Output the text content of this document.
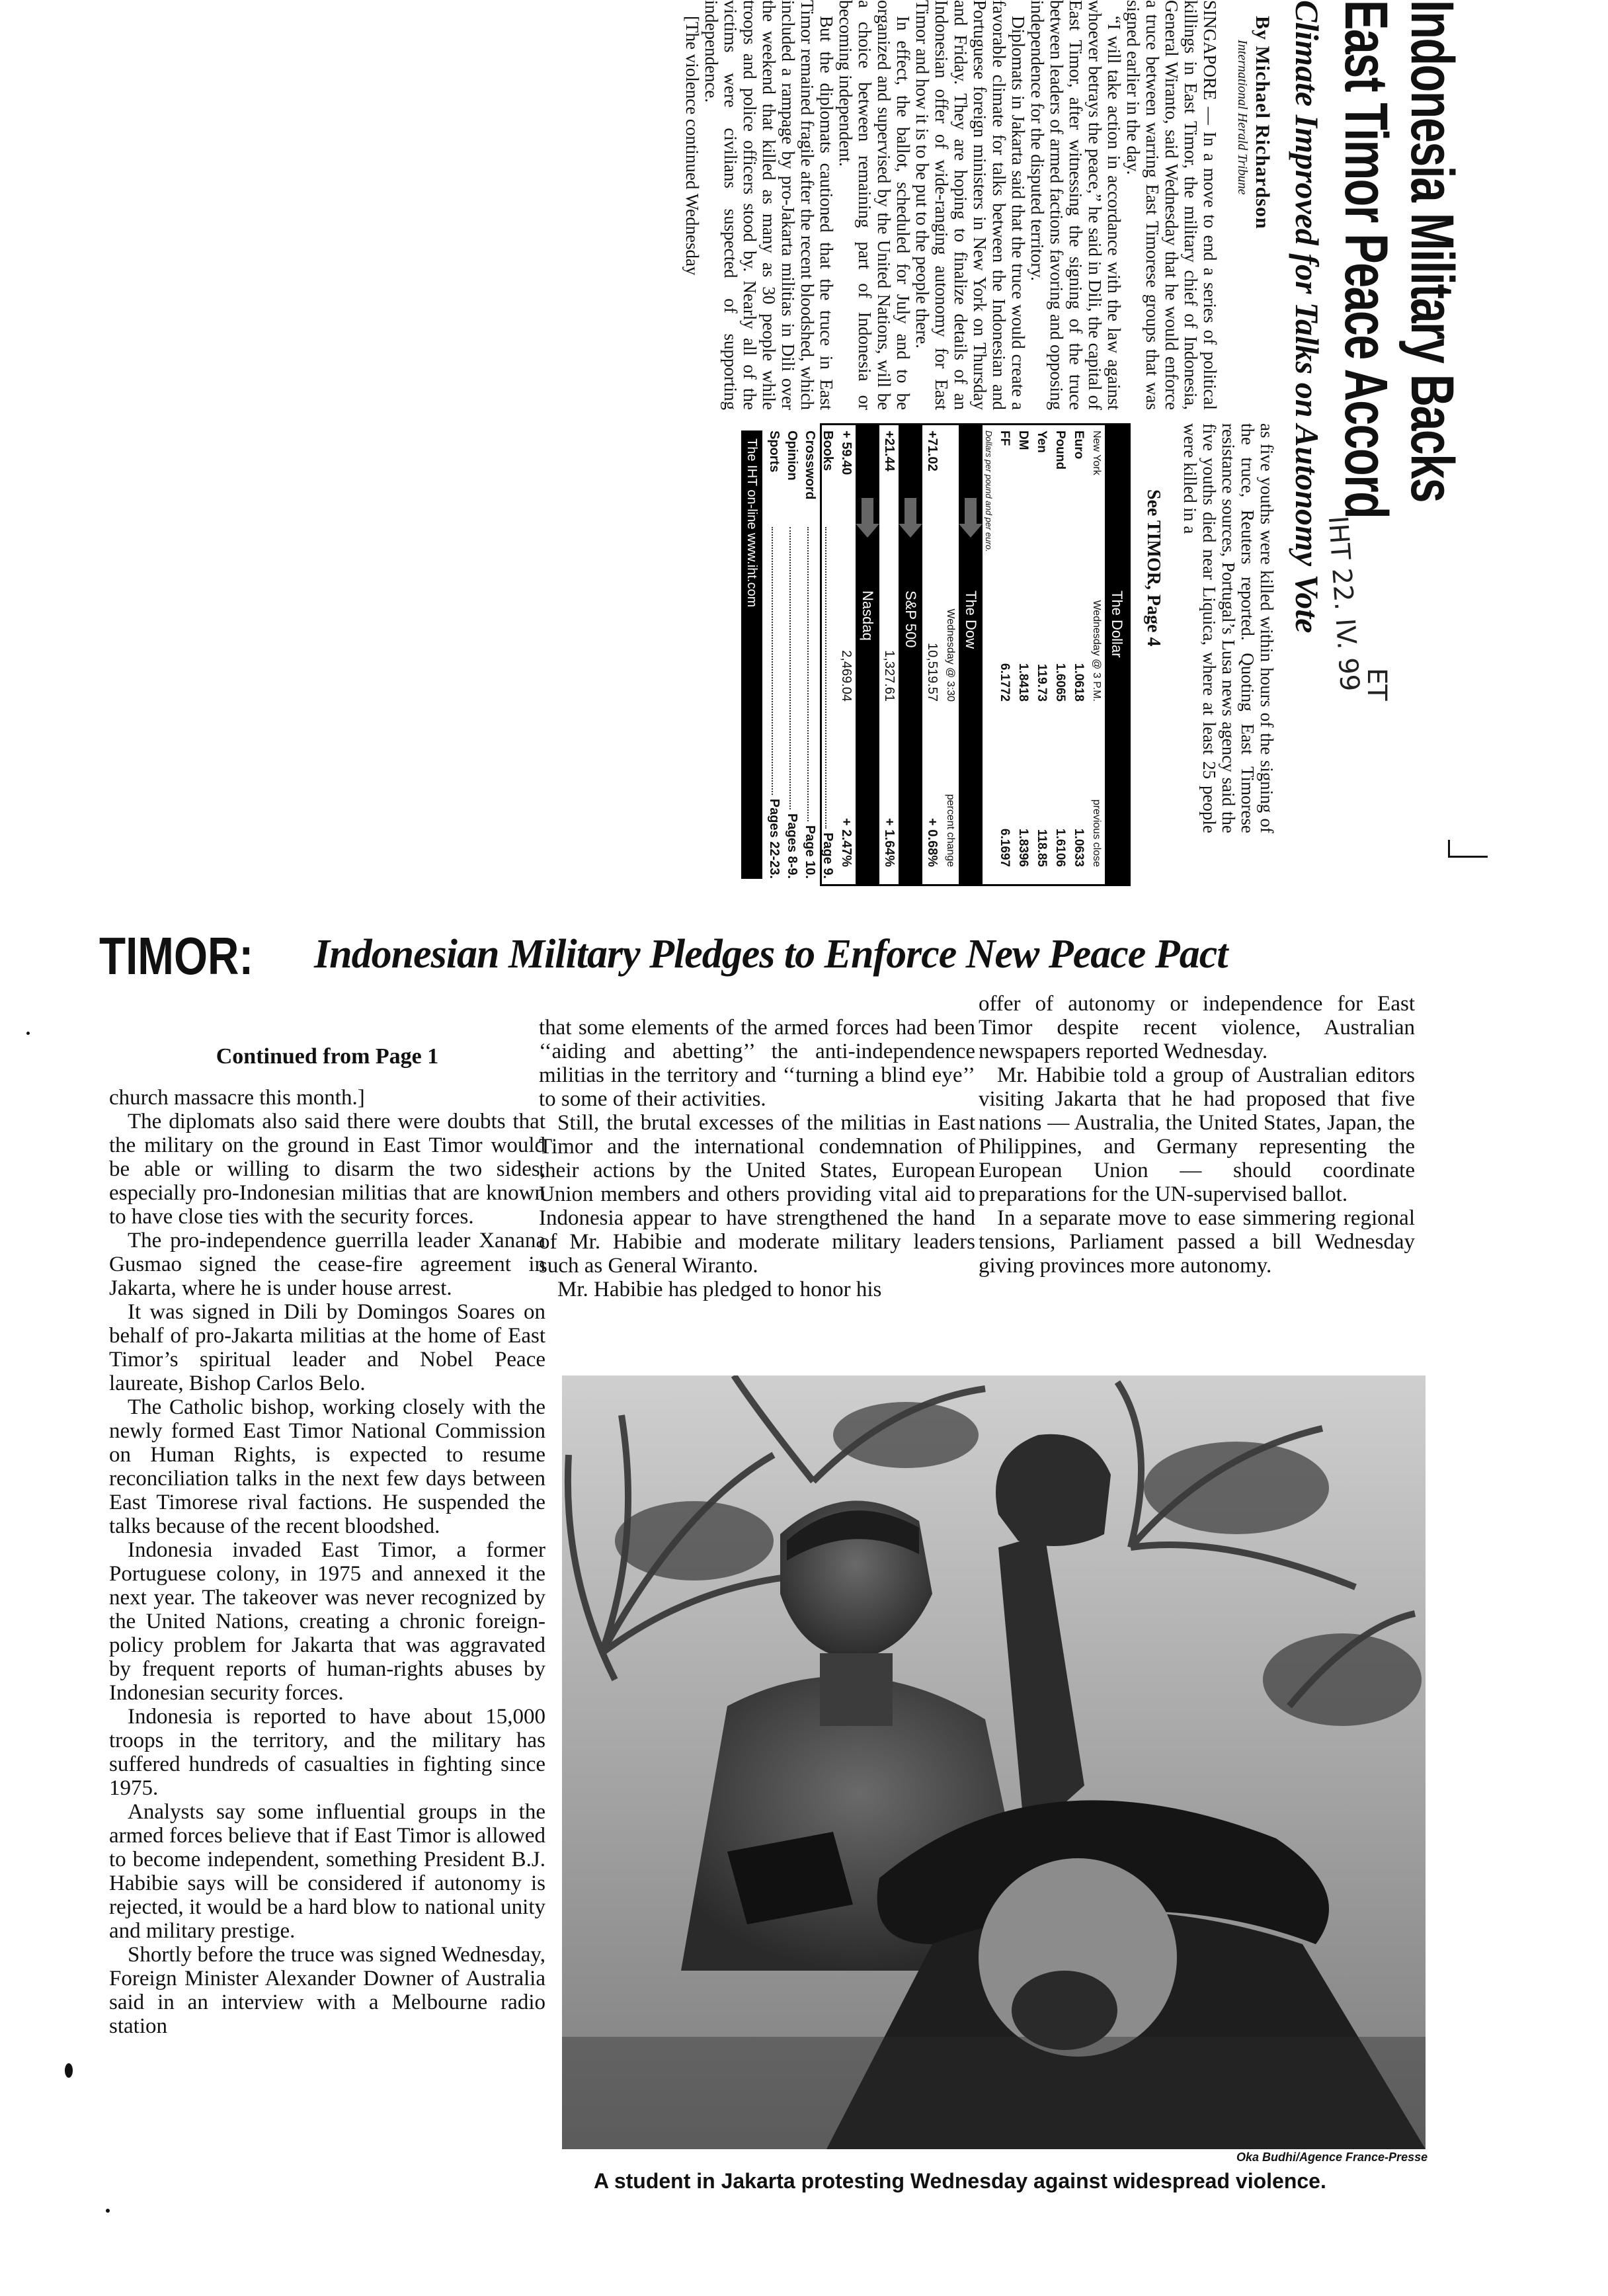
Indonesia Military Backs
East Timor Peace Accord
ET
IHT 22. IV. 99
Climate Improved for Talks on Autonomy Vote
By Michael Richardson
International Herald Tribune

SINGAPORE — In a move to end a series of political killings in East Timor, the military chief of Indonesia, General Wiranto, said Wednesday that he would enforce a truce between warring East Timorese groups that was signed earlier in the day.

“I will take action in accordance with the law against whoever betrays the peace,” he said in Dili, the capital of East Timor, after witnessing the signing of the truce between leaders of armed factions favoring and opposing independence for the disputed territory.

Diplomats in Jakarta said that the truce would create a favorable climate for talks between the Indonesian and Portuguese foreign ministers in New York on Thursday and Friday. They are hoping to finalize details of an Indonesian offer of wide-ranging autonomy for East Timor and how it is to be put to the people there.

In effect, the ballot, scheduled for July and to be organized and supervised by the United Nations, will be a choice between remaining part of Indonesia or becoming independent.

But the diplomats cautioned that the truce in East Timor remained fragile after the recent bloodshed, which included a rampage by pro-Jakarta militias in Dili over the weekend that killed as many as 30 people while troops and police officers stood by. Nearly all of the victims were civilians suspected of supporting independence.

[The violence continued Wednesday

as five youths were killed within hours of the signing of the truce, Reuters reported. Quoting East Timorese resistance sources, Portugal’s Lusa news agency said the five youths died near Liquica, where at least 25 people were killed in a

See TIMOR, Page 4
The Dollar
New York
Wednesday @ 3 P.M.
previous close
Euro
1.0618
1.0633
Pound
1.6065
1.6106
Yen
119.73
118.85
DM
1.8418
1.8396
FF
6.1772
6.1697
Dollars per pound and per euro.
The Dow
Wednesday @ 3:30
percent change
+71.02
10,519.57
+ 0.68%
S&P 500
+21.44
1,327.61
+ 1.64%
Nasdaq
+ 59.40
2,469.04
+ 2.47%
Books
Page 9.
Crossword
Page 10.
Opinion
Pages 8-9.
Sports
Pages 22-23.
The IHT on-line www.iht.com
TIMOR: Indonesian Military Pledges to Enforce New Peace Pact
Continued from Page 1

church massacre this month.]

The diplomats also said there were doubts that the military on the ground in East Timor would be able or willing to disarm the two sides, especially pro-Indonesian militias that are known to have close ties with the security forces.

The pro-independence guerrilla leader Xanana Gusmao signed the cease-fire agreement in Jakarta, where he is under house arrest.

It was signed in Dili by Domingos Soares on behalf of pro-Jakarta militias at the home of East Timor’s spiritual leader and Nobel Peace laureate, Bishop Carlos Belo.

The Catholic bishop, working closely with the newly formed East Timor National Commission on Human Rights, is expected to resume reconciliation talks in the next few days between East Timorese rival factions. He suspended the talks because of the recent bloodshed.

Indonesia invaded East Timor, a former Portuguese colony, in 1975 and annexed it the next year. The takeover was never recognized by the United Nations, creating a chronic foreign-policy problem for Jakarta that was aggravated by frequent reports of human-rights abuses by Indonesian security forces.

Indonesia is reported to have about 15,000 troops in the territory, and the military has suffered hundreds of casualties in fighting since 1975.

Analysts say some influential groups in the armed forces believe that if East Timor is allowed to become independent, something President B.J. Habibie says will be considered if autonomy is rejected, it would be a hard blow to national unity and military prestige.

Shortly before the truce was signed Wednesday, Foreign Minister Alexander Downer of Australia said in an interview with a Melbourne radio station

that some elements of the armed forces had been ‘‘aiding and abetting’’ the anti-independence militias in the territory and ‘‘turning a blind eye’’ to some of their activities.

Still, the brutal excesses of the militias in East Timor and the international condemnation of their actions by the United States, European Union members and others providing vital aid to Indonesia appear to have strengthened the hand of Mr. Habibie and moderate military leaders such as General Wiranto.

Mr. Habibie has pledged to honor his

offer of autonomy or independence for East Timor despite recent violence, Australian newspapers reported Wednesday.

Mr. Habibie told a group of Australian editors visiting Jakarta that he had proposed that five nations — Australia, the United States, Japan, the Philippines, and Germany representing the European Union — should coordinate preparations for the UN-supervised ballot.

In a separate move to ease simmering regional tensions, Parliament passed a bill Wednesday giving provinces more autonomy.

Oka Budhi/Agence France-Presse
A student in Jakarta protesting Wednesday against widespread violence.
